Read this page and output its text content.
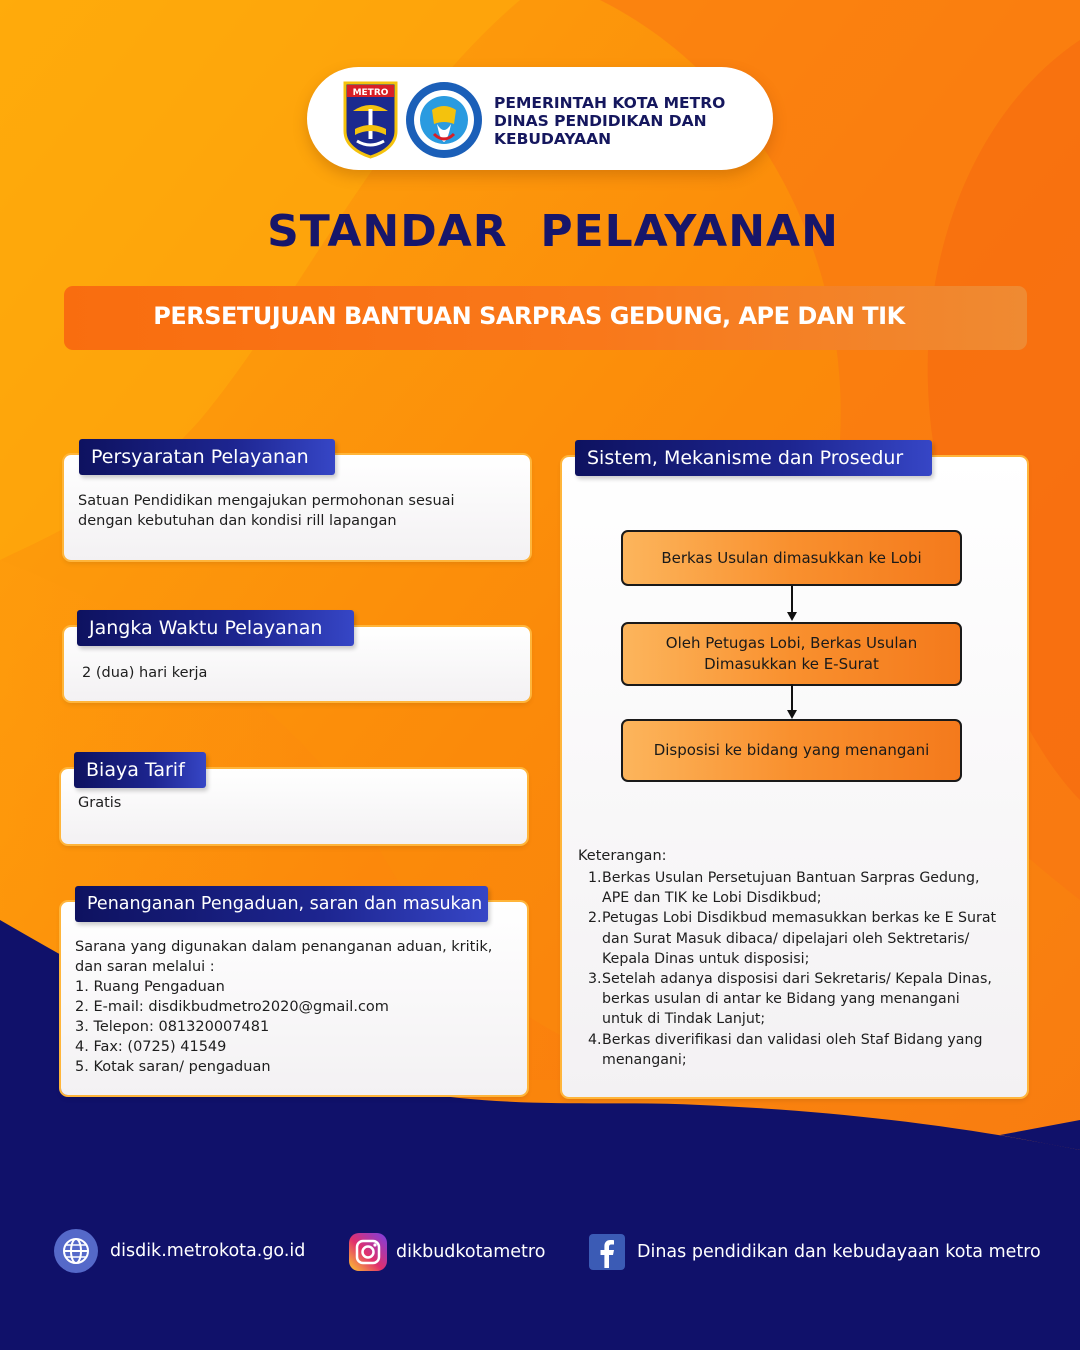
METRO
PEMERINTAH KOTA METRO
DINAS PENDIDIKAN DAN
KEBUDAYAAN
STANDAR  PELAYANAN
PERSETUJUAN BANTUAN SARPRAS GEDUNG, APE DAN TIK
Persyaratan Pelayanan
Satuan Pendidikan mengajukan permohonan sesuai
dengan kebutuhan dan kondisi rill lapangan
Jangka Waktu Pelayanan
2 (dua) hari kerja
Biaya Tarif
Gratis
Penanganan Pengaduan, saran dan masukan
Sarana yang digunakan dalam penanganan aduan, kritik,
dan saran melalui :
1. Ruang Pengaduan
2. E-mail: disdikbudmetro2020@gmail.com
3. Telepon: 081320007481
4. Fax: (0725) 41549
5. Kotak saran/ pengaduan
Sistem, Mekanisme dan Prosedur
Berkas Usulan dimasukkan ke Lobi
Oleh Petugas Lobi, Berkas Usulan Dimasukkan ke E-Surat
Disposisi ke bidang yang menangani
Keterangan:
1. Berkas Usulan Persetujuan Bantuan Sarpras Gedung, APE dan TIK ke Lobi Disdikbud;
2. Petugas Lobi Disdikbud memasukkan berkas ke E Surat dan Surat Masuk dibaca/ dipelajari oleh Sektretaris/ Kepala Dinas untuk disposisi;
3. Setelah adanya disposisi dari Sekretaris/ Kepala Dinas, berkas usulan di antar ke Bidang yang menangani untuk di Tindak Lanjut;
4. Berkas diverifikasi dan validasi oleh Staf Bidang yang menangani;
disdik.metrokota.go.id	dikbudkotametro	Dinas pendidikan dan kebudayaan kota metro
